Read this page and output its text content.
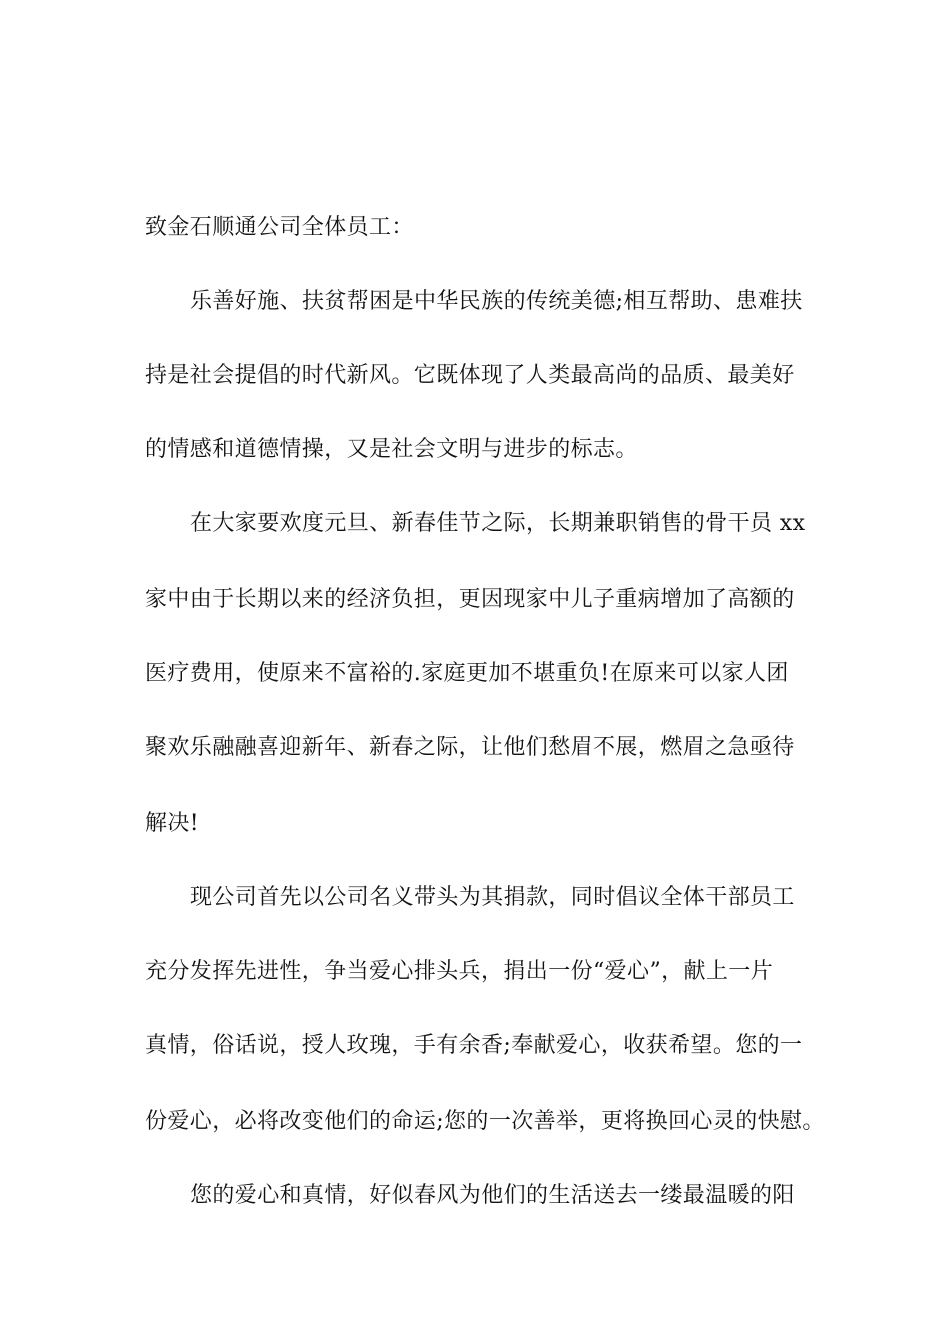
致金石顺通公司全体员工：
乐善好施、扶贫帮困是中华民族的传统美德;相互帮助、患难扶
持是社会提倡的时代新风。它既体现了人类最高尚的品质、最美好
的情感和道德情操，又是社会文明与进步的标志。
在大家要欢度元旦、新春佳节之际，长期兼职销售的骨干员 xx
家中由于长期以来的经济负担，更因现家中儿子重病增加了高额的
医疗费用，使原来不富裕的.家庭更加不堪重负!在原来可以家人团
聚欢乐融融喜迎新年、新春之际，让他们愁眉不展，燃眉之急亟待
解决!
现公司首先以公司名义带头为其捐款，同时倡议全体干部员工
充分发挥先进性，争当爱心排头兵，捐出一份“爱心”，献上一片
真情，俗话说，授人玫瑰，手有余香;奉献爱心，收获希望。您的一
份爱心，必将改变他们的命运;您的一次善举，更将换回心灵的快慰。
您的爱心和真情，好似春风为他们的生活送去一缕最温暖的阳
